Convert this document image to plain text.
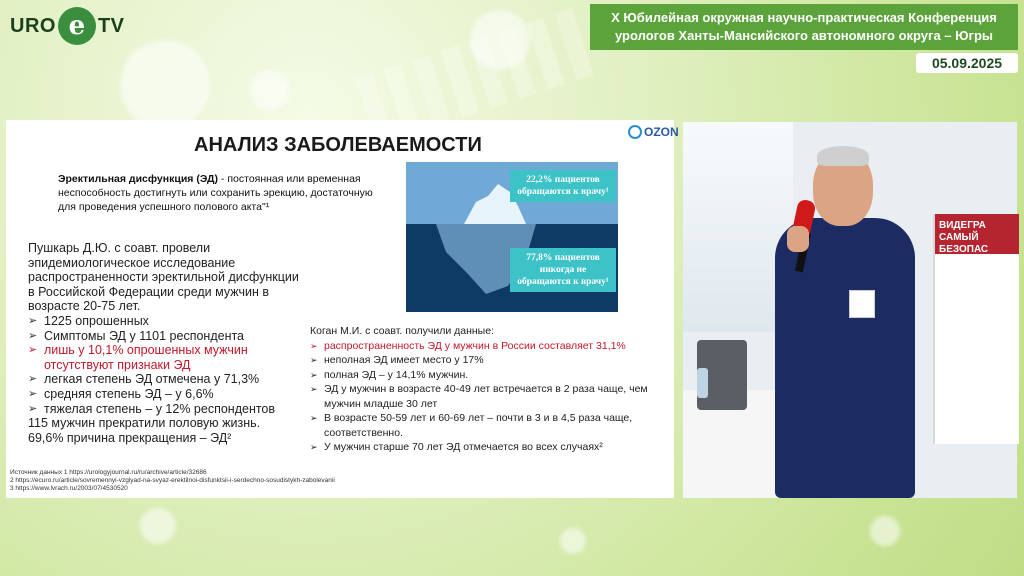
URO e TV	X Юбилейная окружная научно-практическая Конференция
урологов Ханты-Мансийского автономного округа – Югры
05.09.2025
АНАЛИЗ ЗАБОЛЕВАЕМОСТИ
OZON
Эректильная дисфункция (ЭД) - постоянная или временная неспособность достигнуть или сохранить эрекцию, достаточную для проведения успешного полового акта"¹
Пушкарь Д.Ю. с соавт. провели эпидемиологическое исследование распространенности эректильной дисфункции в Российской Федерации среди мужчин в возрасте 20-75 лет.
➢ 1225 опрошенных
➢ Симптомы ЭД у 1101 респондента
➢ лишь у 10,1% опрошенных мужчин отсутствуют признаки ЭД
➢ легкая степень ЭД отмечена у 71,3%
➢ средняя степень ЭД – у 6,6%
➢ тяжелая степень – у 12% респондентов
115 мужчин прекратили половую жизнь.
69,6% причина прекращения – ЭД²
22,2% пациентов обращаются к врачу¹
77,8% пациентов никогда не обращаются к врачу¹
Коган М.И. с соавт. получили данные:
➢ распространенность ЭД у мужчин в России составляет 31,1%
➢ неполная ЭД имеет место у 17%
➢ полная ЭД – у 14,1% мужчин.
➢ ЭД у мужчин в возрасте 40-49 лет встречается в 2 раза чаще, чем мужчин младше 30 лет
➢ В возрасте 50-59 лет и 60-69 лет – почти в 3 и в 4,5 раза чаще, соответственно.
➢ У мужчин старше 70 лет ЭД отмечается во всех случаях²
Источник данных 1 https://urologyjournal.ru/ru/archive/article/32686
2 https://ecuro.ru/article/sovremennyi-vzglyad-na-svyaz-erektilnoi-disfunktsii-i-serdechno-sosudistykh-zabolevanii
3 https://www.lvrach.ru/2003/07/4530520
ВИДЕГРА САМЫЙ БЕЗОПАС СРЕДИ ЭФФЕКТИВ
